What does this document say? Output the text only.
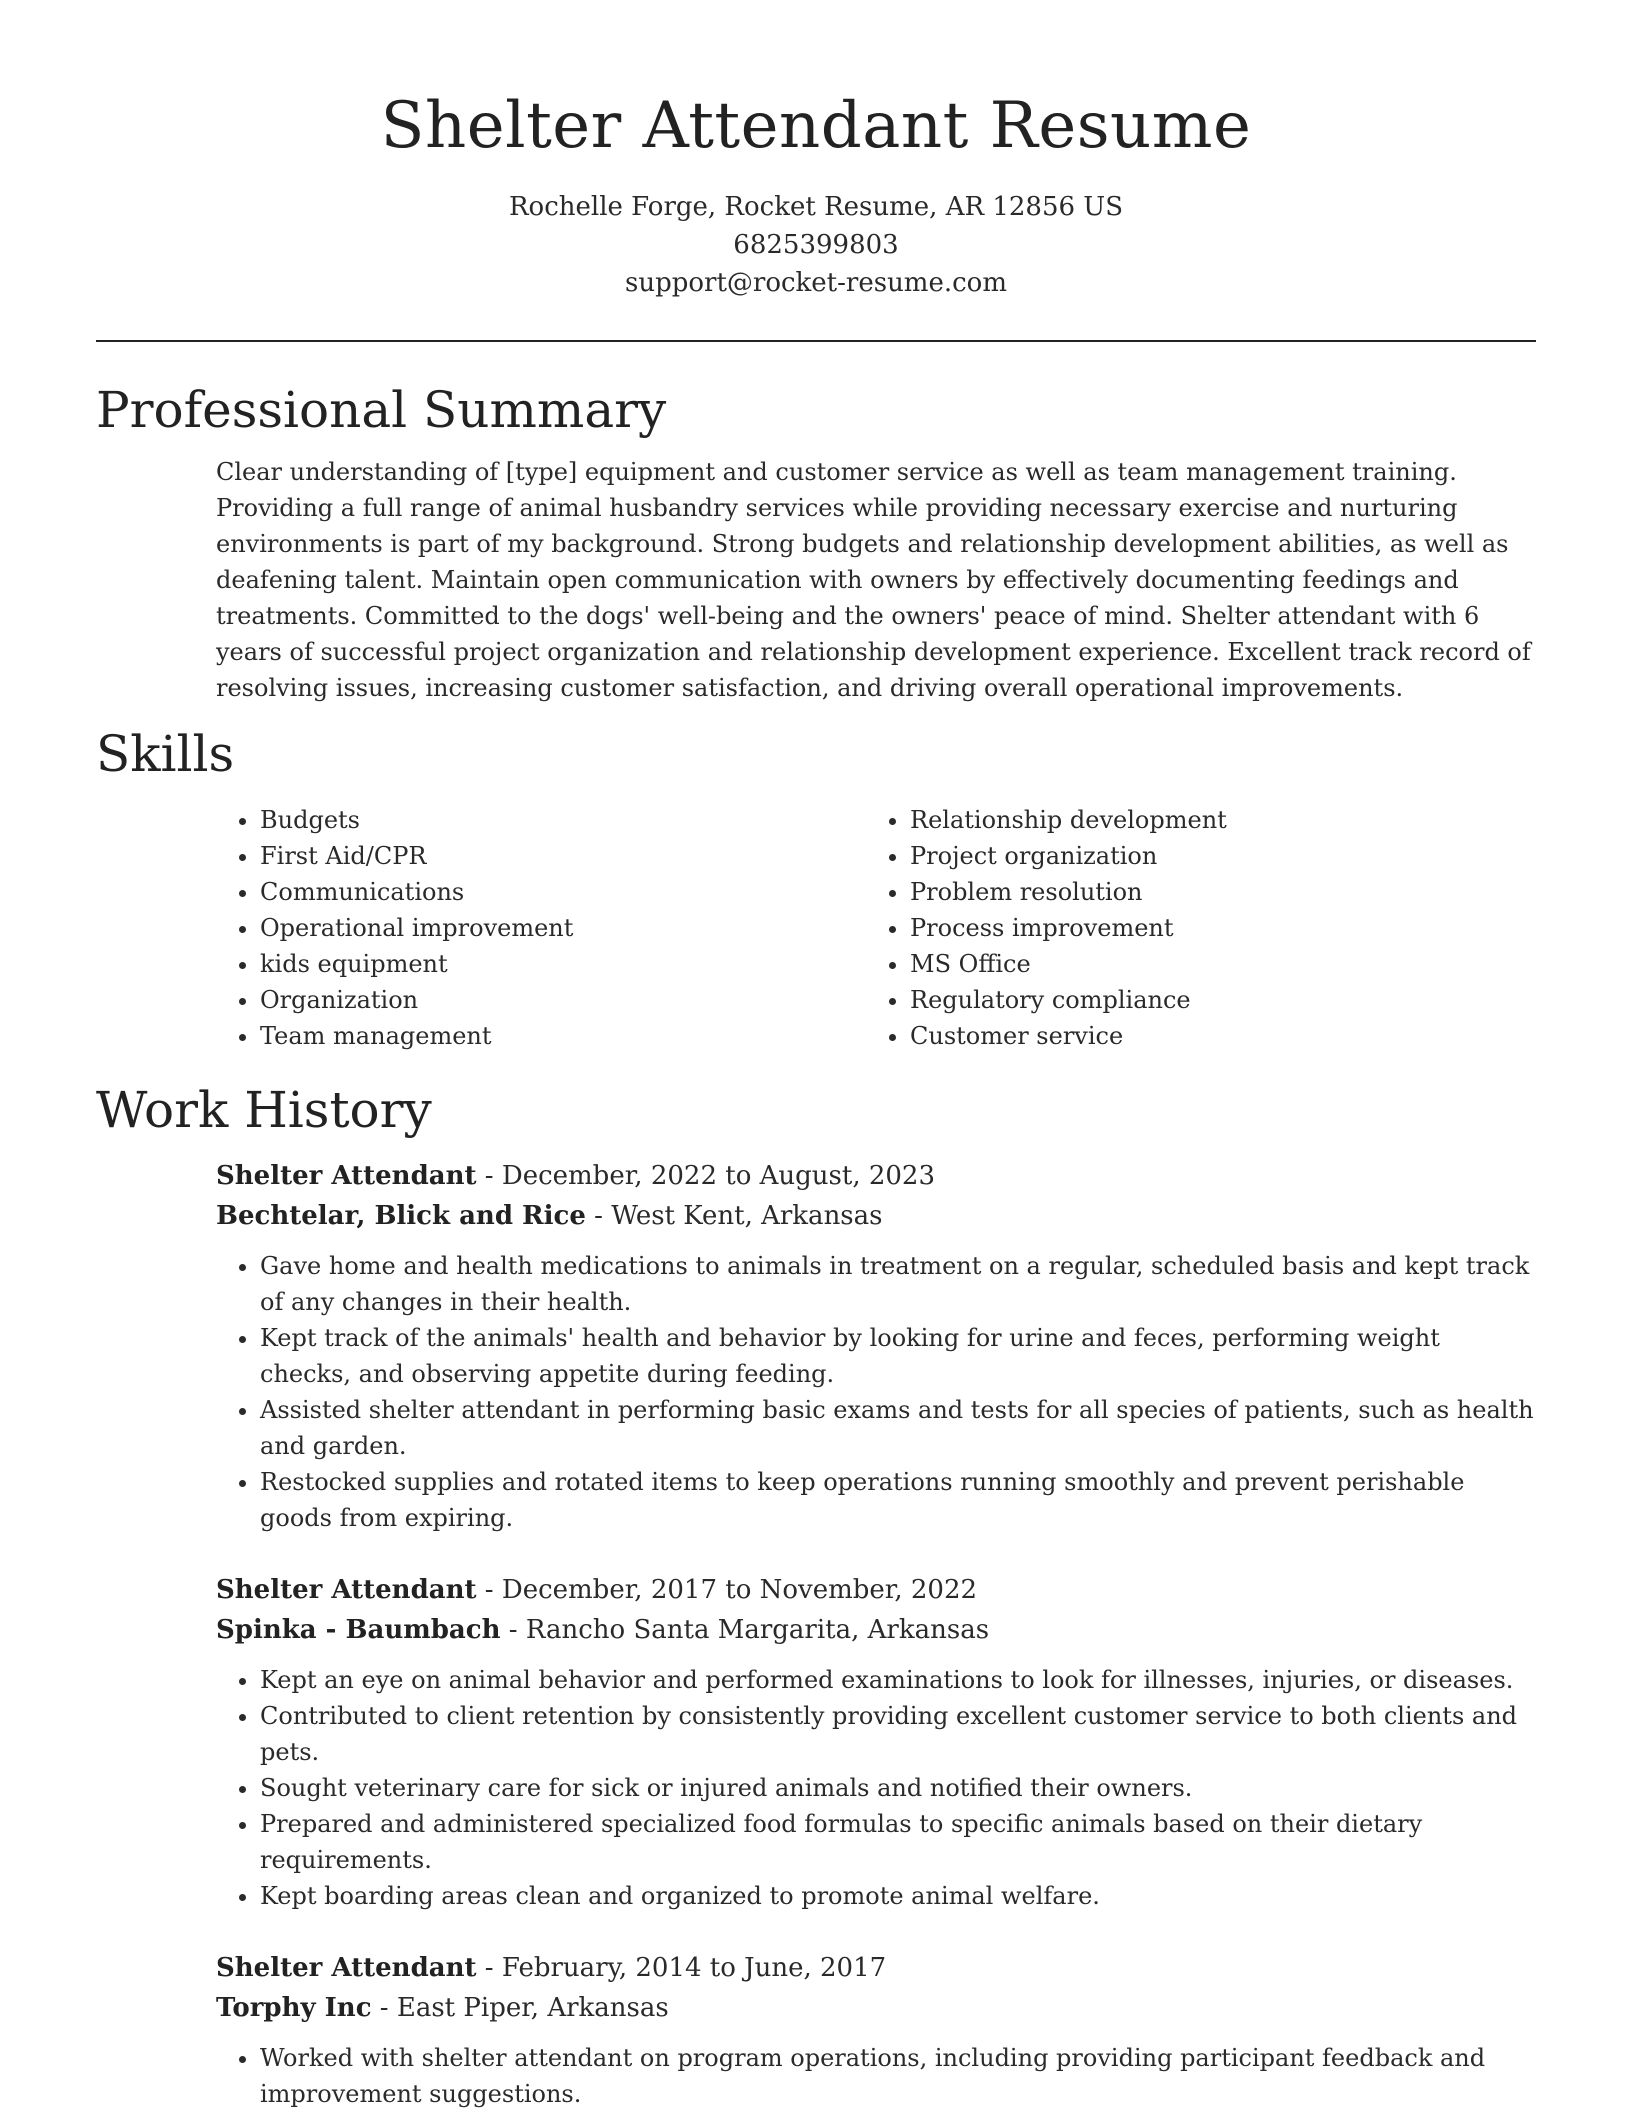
Shelter Attendant Resume
Rochelle Forge, Rocket Resume, AR 12856 US
6825399803
support@rocket-resume.com
Professional Summary

Clear understanding of [type] equipment and customer service as well as team management training. Providing a full range of animal husbandry services while providing necessary exercise and nurturing environments is part of my background. Strong budgets and relationship development abilities, as well as deafening talent. Maintain open communication with owners by effectively documenting feedings and treatments. Committed to the dogs' well-being and the owners' peace of mind. Shelter attendant with 6 years of successful project organization and relationship development experience. Excellent track record of resolving issues, increasing customer satisfaction, and driving overall operational improvements.

Skills
• Budgets
• First Aid/CPR
• Communications
• Operational improvement
• kids equipment
• Organization
• Team management
• Relationship development
• Project organization
• Problem resolution
• Process improvement
• MS Office
• Regulatory compliance
• Customer service
Work History
Shelter Attendant - December, 2022 to August, 2023
Bechtelar, Blick and Rice - West Kent, Arkansas
• Gave home and health medications to animals in treatment on a regular, scheduled basis and kept track of any changes in their health.
• Kept track of the animals' health and behavior by looking for urine and feces, performing weight checks, and observing appetite during feeding.
• Assisted shelter attendant in performing basic exams and tests for all species of patients, such as health and garden.
• Restocked supplies and rotated items to keep operations running smoothly and prevent perishable goods from expiring.
Shelter Attendant - December, 2017 to November, 2022
Spinka - Baumbach - Rancho Santa Margarita, Arkansas
• Kept an eye on animal behavior and performed examinations to look for illnesses, injuries, or diseases.
• Contributed to client retention by consistently providing excellent customer service to both clients and pets.
• Sought veterinary care for sick or injured animals and notified their owners.
• Prepared and administered specialized food formulas to specific animals based on their dietary requirements.
• Kept boarding areas clean and organized to promote animal welfare.
Shelter Attendant - February, 2014 to June, 2017
Torphy Inc - East Piper, Arkansas
• Worked with shelter attendant on program operations, including providing participant feedback and improvement suggestions.
